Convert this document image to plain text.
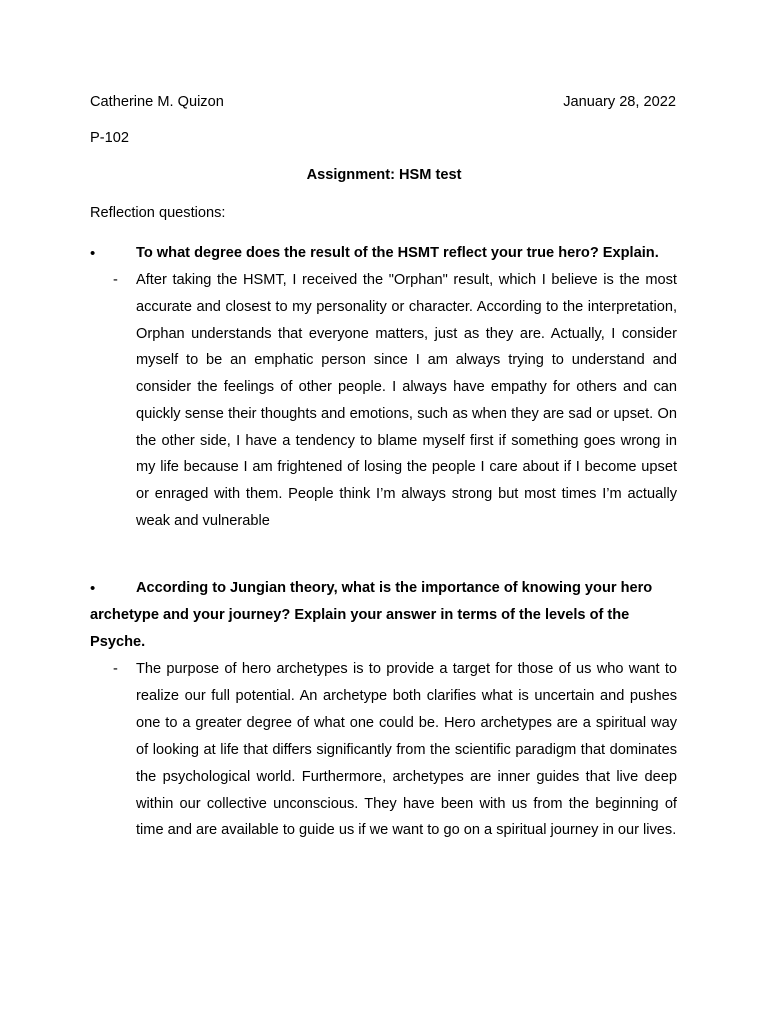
Catherine M. Quizon	January 28, 2022
P-102
Assignment: HSM test
Reflection questions:
•	To what degree does the result of the HSMT reflect your true hero? Explain.

- After taking the HSMT, I received the "Orphan" result, which I believe is the most accurate and closest to my personality or character. According to the interpretation, Orphan understands that everyone matters, just as they are. Actually, I consider myself to be an emphatic person since I am always trying to understand and consider the feelings of other people. I always have empathy for others and can quickly sense their thoughts and emotions, such as when they are sad or upset. On the other side, I have a tendency to blame myself first if something goes wrong in my life because I am frightened of losing the people I care about if I become upset or enraged with them. People think I’m always strong but most times I’m actually weak and vulnerable

•	According to Jungian theory, what is the importance of knowing your hero archetype and your journey? Explain your answer in terms of the levels of the Psyche.

- The purpose of hero archetypes is to provide a target for those of us who want to realize our full potential. An archetype both clarifies what is uncertain and pushes one to a greater degree of what one could be. Hero archetypes are a spiritual way of looking at life that differs significantly from the scientific paradigm that dominates the psychological world. Furthermore, archetypes are inner guides that live deep within our collective unconscious. They have been with us from the beginning of time and are available to guide us if we want to go on a spiritual journey in our lives.
